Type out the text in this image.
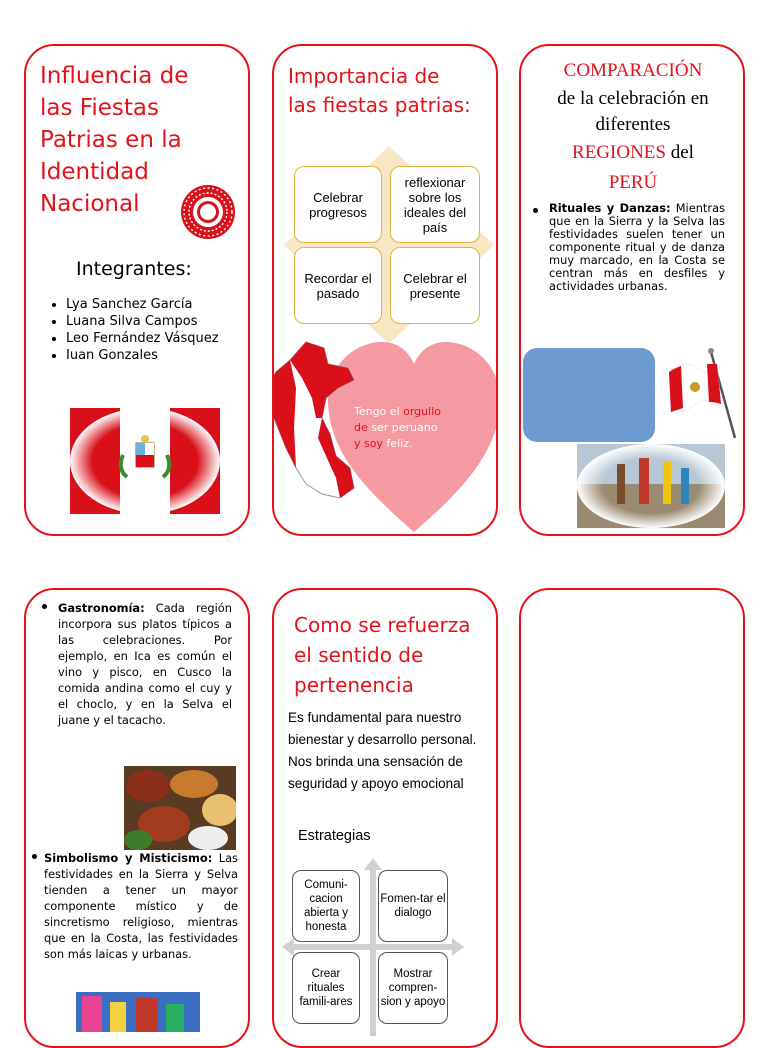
Influencia de las Fiestas Patrias en la Identidad Nacional
Integrantes:
• Lya Sanchez García
• Luana Silva Campos
• Leo Fernández Vásquez
• Iuan Gonzales
Importancia de las fiestas patrias:
Celebrar progresos
reflexionar sobre los ideales del país
Recordar el pasado
Celebrar el presente
Tengo el orgullo
de ser peruano
y soy feliz.
COMPARACIÓN
de la celebración en diferentes
REGIONES del
PERÚ
Rituales y Danzas: Mientras que en la Sierra y la Selva las festividades suelen tener un componente ritual y de danza muy marcado, en la Costa se centran más en desfiles y actividades urbanas.
Gastronomía: Cada región incorpora sus platos típicos a las celebraciones. Por ejemplo, en Ica es común el vino y pisco, en Cusco la comida andina como el cuy y el choclo, y en la Selva el juane y el tacacho.
Simbolismo y Misticismo: Las festividades en la Sierra y Selva tienden a tener un mayor componente místico y de sincretismo religioso, mientras que en la Costa, las festividades son más laicas y urbanas.
Como se refuerza el sentido de pertenencia
Es fundamental para nuestro bienestar y desarrollo personal. Nos brinda una sensación de seguridad y apoyo emocional
Estrategias
Comuni-cacion abierta y honesta
Fomen-tar el dialogo
Crear rituales famili-ares
Mostrar compren-sion y apoyo
